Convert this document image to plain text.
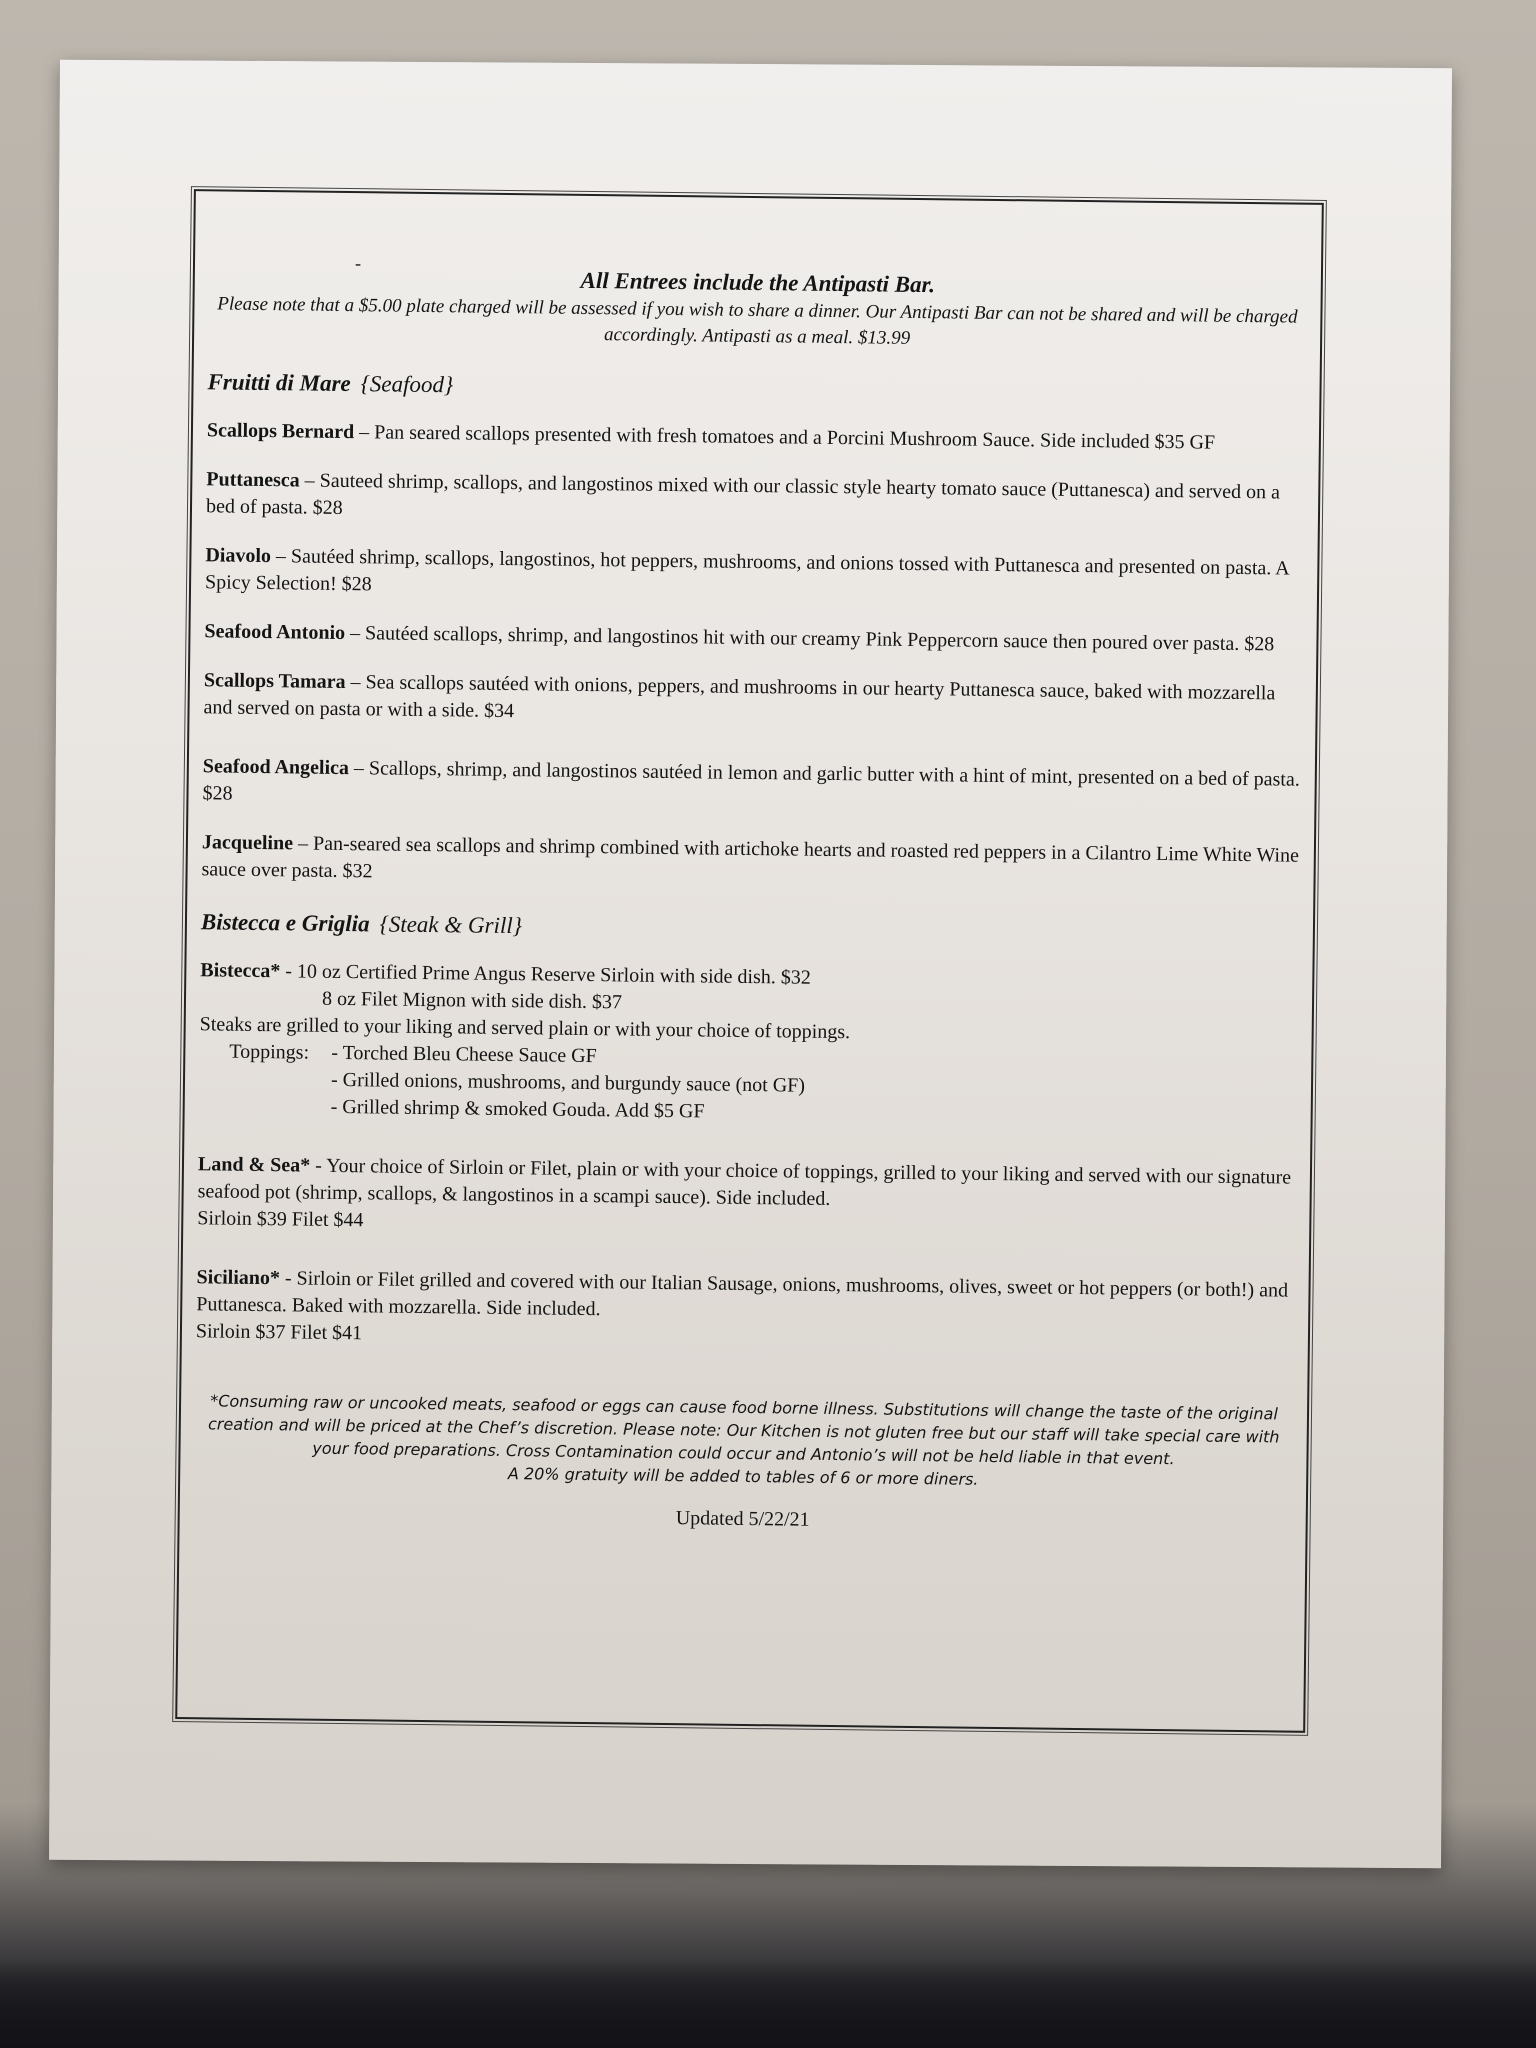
-
All Entrees include the Antipasti Bar.

Please note that a $5.00 plate charged will be assessed if you wish to share a dinner. Our Antipasti Bar can not be shared and will be charged accordingly. Antipasti as a meal. $13.99

Fruitti di Mare {Seafood}

Scallops Bernard – Pan seared scallops presented with fresh tomatoes and a Porcini Mushroom Sauce. Side included $35 GF

Puttanesca – Sauteed shrimp, scallops, and langostinos mixed with our classic style hearty tomato sauce (Puttanesca) and served on a bed of pasta. $28

Diavolo – Sautéed shrimp, scallops, langostinos, hot peppers, mushrooms, and onions tossed with Puttanesca and presented on pasta. A Spicy Selection! $28

Seafood Antonio – Sautéed scallops, shrimp, and langostinos hit with our creamy Pink Peppercorn sauce then poured over pasta. $28

Scallops Tamara – Sea scallops sautéed with onions, peppers, and mushrooms in our hearty Puttanesca sauce, baked with mozzarella and served on pasta or with a side. $34

Seafood Angelica – Scallops, shrimp, and langostinos sautéed in lemon and garlic butter with a hint of mint, presented on a bed of pasta. $28

Jacqueline – Pan-seared sea scallops and shrimp combined with artichoke hearts and roasted red peppers in a Cilantro Lime White Wine sauce over pasta. $32

Bistecca e Griglia {Steak & Grill}
Bistecca* - 10 oz Certified Prime Angus Reserve Sirloin with side dish. $32
8 oz Filet Mignon with side dish. $37
Steaks are grilled to your liking and served plain or with your choice of toppings.
Toppings: - Torched Bleu Cheese Sauce GF
- Grilled onions, mushrooms, and burgundy sauce (not GF)
- Grilled shrimp & smoked Gouda. Add $5 GF
Land & Sea* - Your choice of Sirloin or Filet, plain or with your choice of toppings, grilled to your liking and served with our signature seafood pot (shrimp, scallops, & langostinos in a scampi sauce). Side included.
Sirloin $39 Filet $44
Siciliano* - Sirloin or Filet grilled and covered with our Italian Sausage, onions, mushrooms, olives, sweet or hot peppers (or both!) and Puttanesca. Baked with mozzarella. Side included.
Sirloin $37 Filet $41
*Consuming raw or uncooked meats, seafood or eggs can cause food borne illness. Substitutions will change the taste of the original creation and will be priced at the Chef’s discretion. Please note: Our Kitchen is not gluten free but our staff will take special care with your food preparations. Cross Contamination could occur and Antonio’s will not be held liable in that event.
A 20% gratuity will be added to tables of 6 or more diners.
Updated 5/22/21
